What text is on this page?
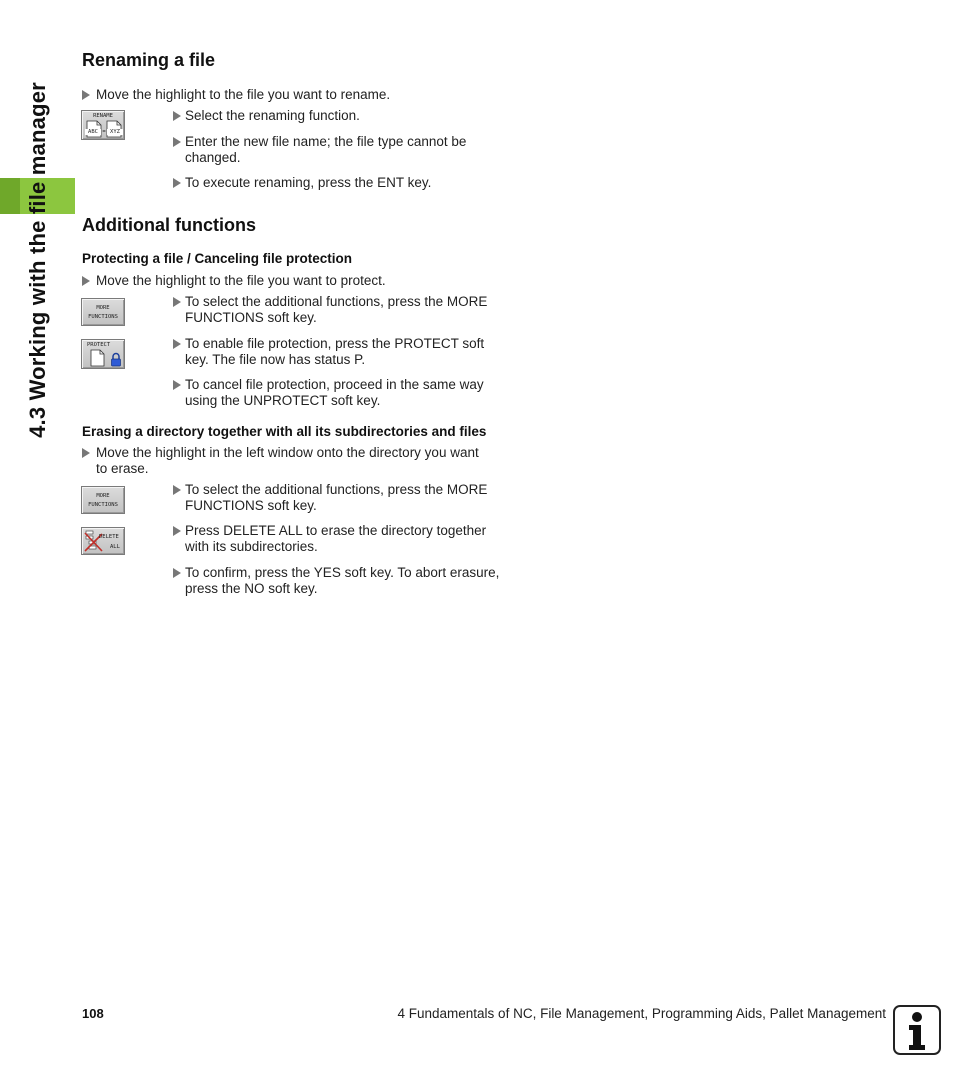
4.3 Working with the file manager
Renaming a file
Move the highlight to the file you want to rename.
RENAME
ABC = XYZ
Select the renaming function.
Enter the new file name; the file type cannot be
changed.
To execute renaming, press the ENT key.
Additional functions
Protecting a file / Canceling file protection
Move the highlight to the file you want to protect.
MORE
FUNCTIONS
To select the additional functions, press the MORE
FUNCTIONS soft key.
PROTECT	To enable file protection, press the PROTECT soft
key. The file now has status P.
To cancel file protection, proceed in the same way
using the UNPROTECT soft key.
Erasing a directory together with all its subdirectories and files
Move the highlight in the left window onto the directory you want
to erase.
MORE
FUNCTIONS
To select the additional functions, press the MORE
FUNCTIONS soft key.
DELETE
ALL
Press DELETE ALL to erase the directory together
with its subdirectories.
To confirm, press the YES soft key. To abort erasure,
press the NO soft key.
108	4 Fundamentals of NC, File Management, Programming Aids, Pallet Management
